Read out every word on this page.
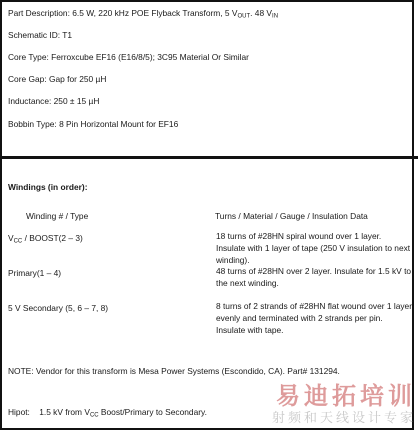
Part Description: 6.5 W, 220 kHz POE Flyback Transform, 5 $V_{OUT}$. 48 $V_{IN}$
Schematic ID: T1
Core Type: Ferroxcube EF16 (E16/8/5); 3C95 Material Or Similar
Core Gap: Gap for 250 µH
Inductance: 250 ± 15 µH
Bobbin Type: 8 Pin Horizontal Mount for EF16
Windings (in order):
Winding # / Type	Turns / Material / Gauge / Insulation Data
$V_{CC}$ / BOOST(2 – 3)	18 turns of #28HN spiral wound over 1 layer. Insulate with 1 layer of tape (250 V insulation to next winding).
Primary(1 – 4)	48 turns of #28HN over 2 layer. Insulate for 1.5 kV to the next winding.
5 V Secondary (5, 6 – 7, 8)	8 turns of 2 strands of #28HN flat wound over 1 layer evenly and terminated with 2 strands per pin. Insulate with tape.
NOTE: Vendor for this transform is Mesa Power Systems (Escondido, CA). Part# 131294.
Hipot: 1.5 kV from $V_{CC}$ Boost/Primary to Secondary.
易迪拓培训
射频和天线设计专家
